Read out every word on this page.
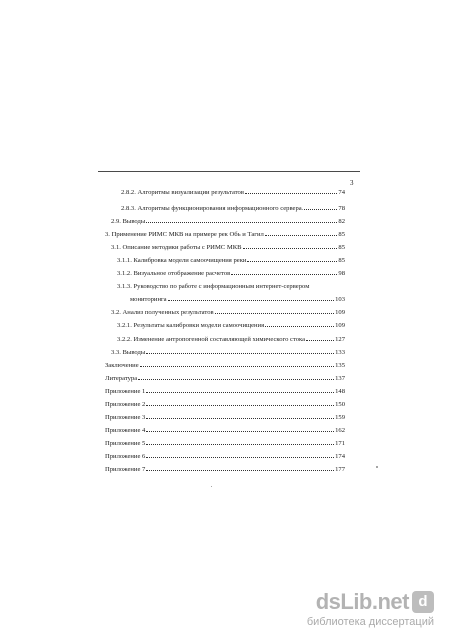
3
2.8.2. Алгоритмы визуализации результатов	74
2.8.3. Алгоритмы функционирования информационного сервера.	78
2.9. Выводы	82
3. Применение РИМС МКВ на примере рек Обь и Тагил	85
3.1. Описание методики работы с РИМС МКВ	85
3.1.1. Калибровка модели самоочищения реки	85
3.1.2. Визуальное отображение расчетов	98
3.1.3. Руководство по работе с информационным интернет-сервером
мониторинга	103
3.2. Анализ полученных результатов	109
3.2.1. Результаты калибровки модели самоочищения	109
3.2.2. Изменение антропогенной составляющей химического стока	127
3.3. Выводы	133
Заключение	135
Литература	137
Приложение 1	148
Приложение 2	150
Приложение 3	159
Приложение 4	162
Приложение 5	171
Приложение 6	174
Приложение 7	177
dsLib.net d
библиотека диссертаций
